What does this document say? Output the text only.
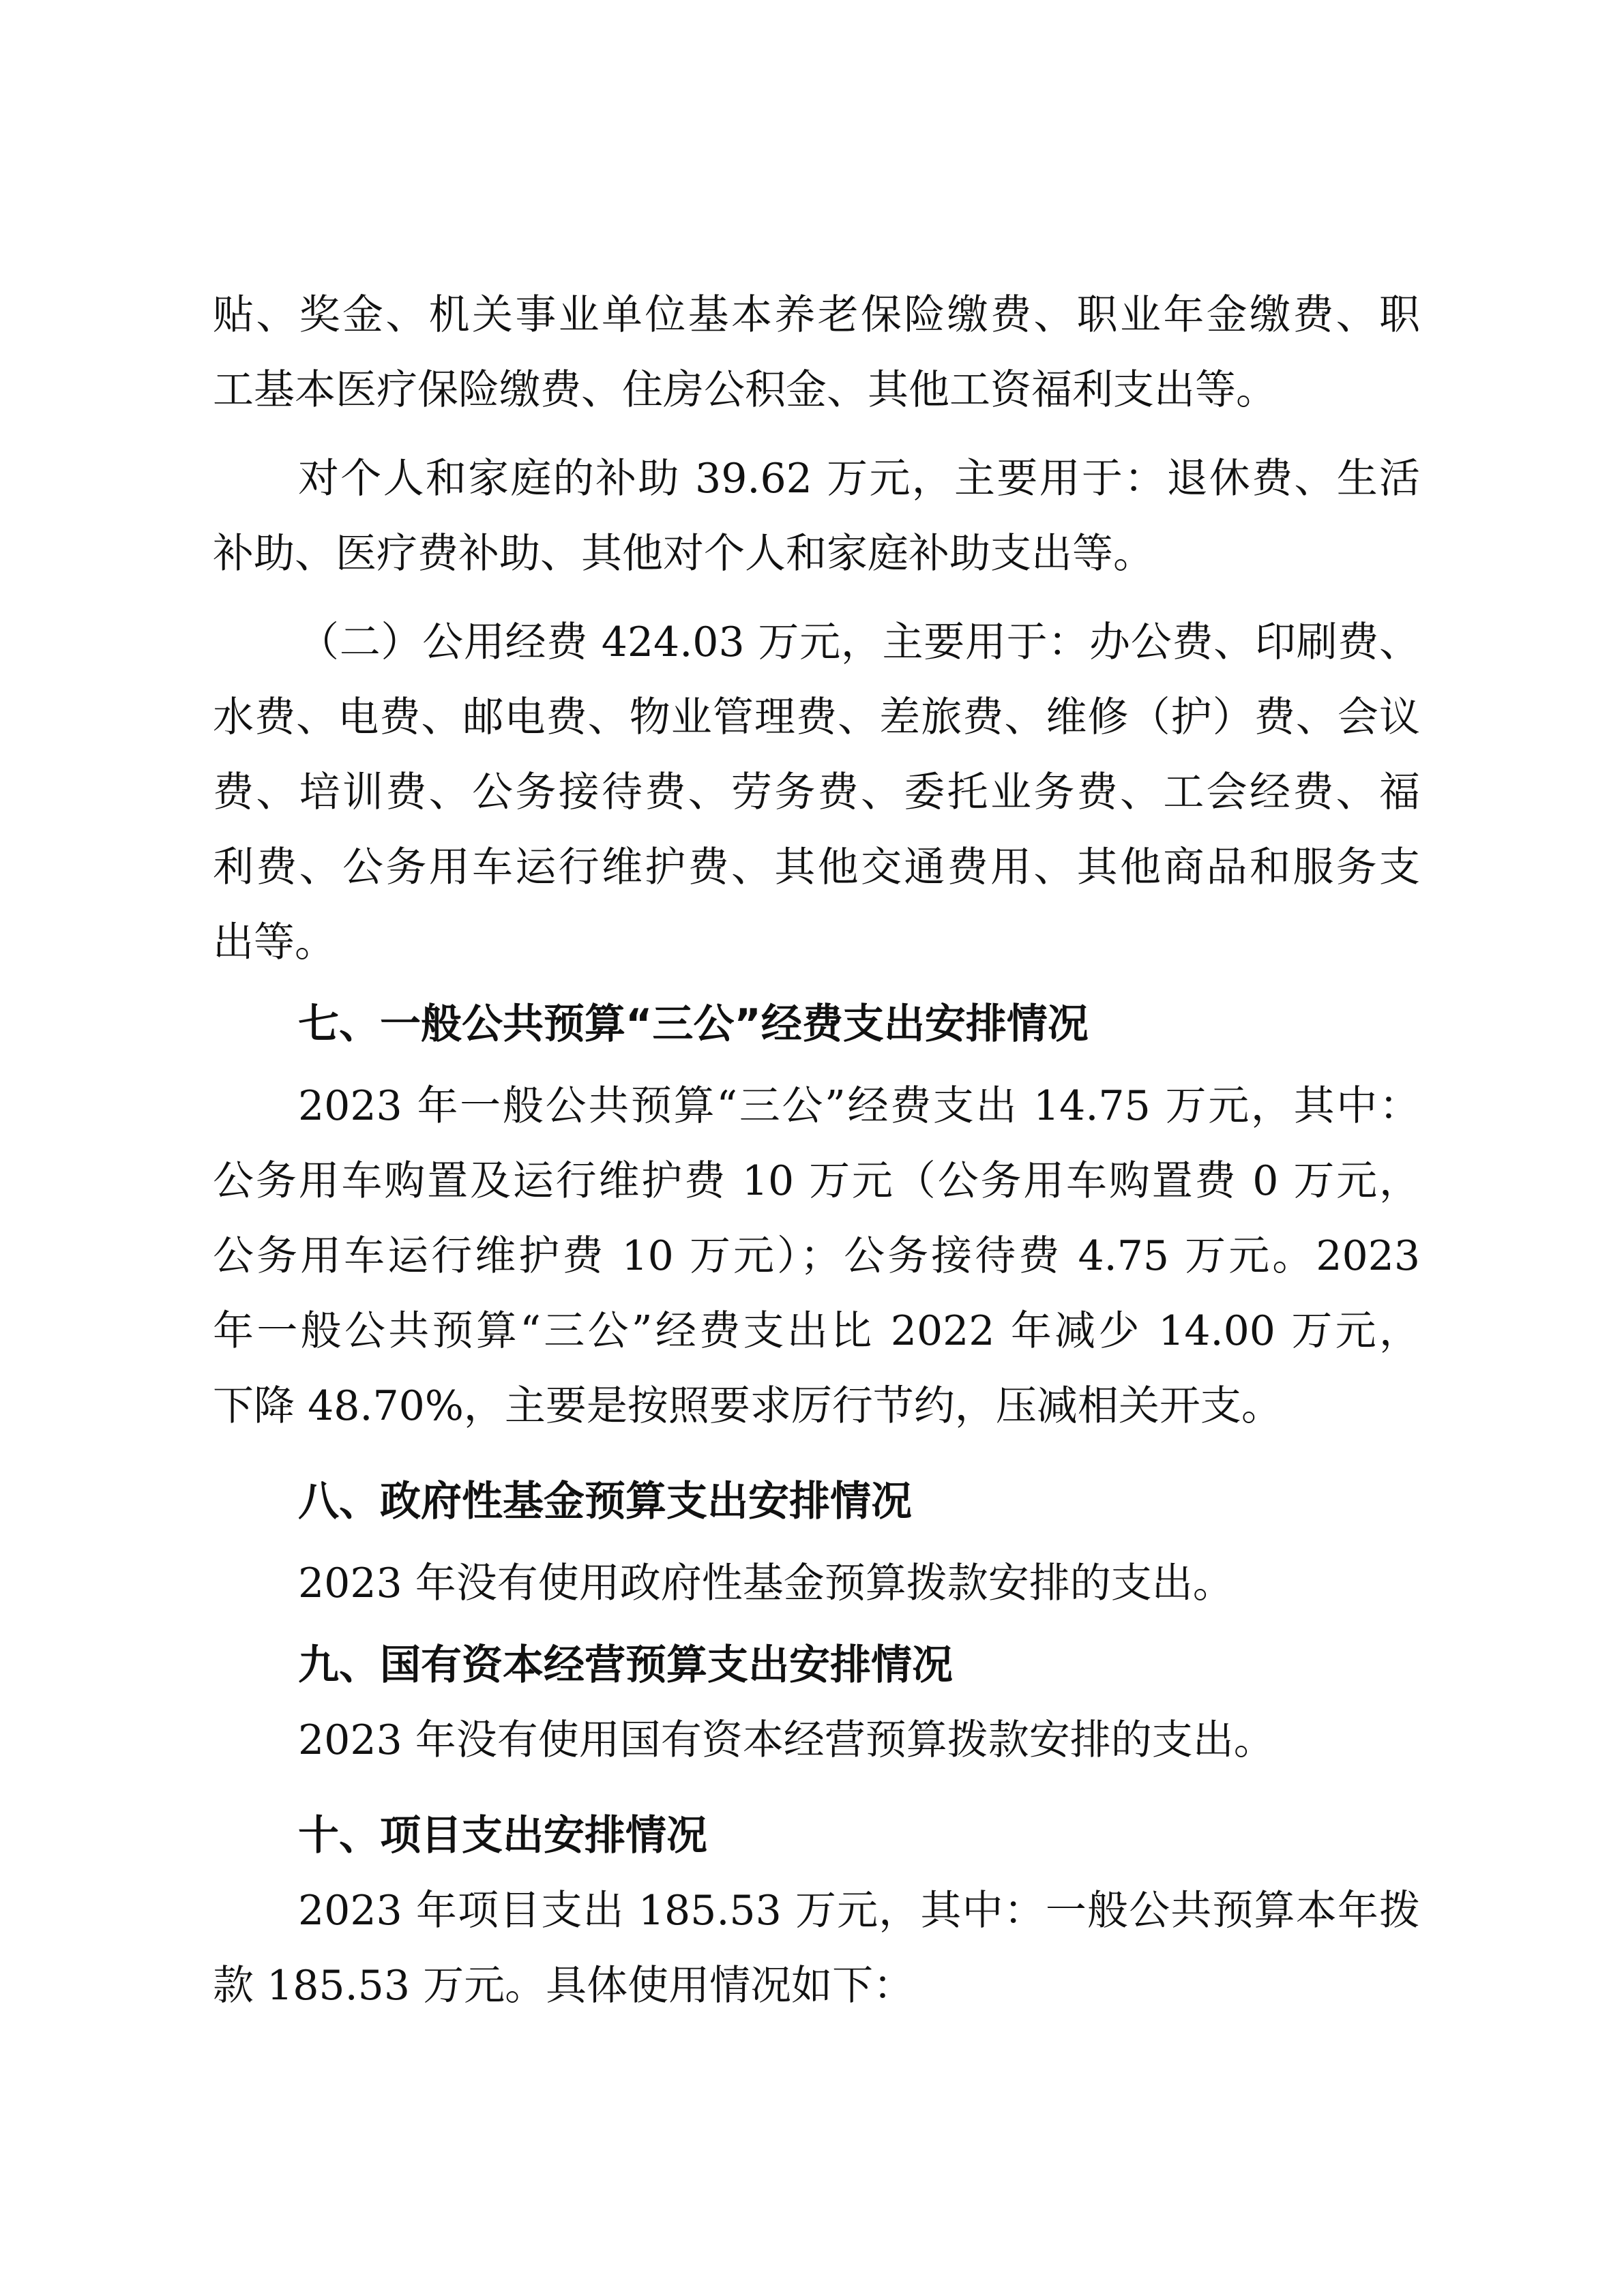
贴、奖金、机关事业单位基本养老保险缴费、职业年金缴费、职
工基本医疗保险缴费、住房公积金、其他工资福利支出等。
对个人和家庭的补助 39.62 万元，主要用于：退休费、生活
补助、医疗费补助、其他对个人和家庭补助支出等。
（二）公用经费 424.03 万元，主要用于：办公费、印刷费、
水费、电费、邮电费、物业管理费、差旅费、维修（护）费、会议
费、培训费、公务接待费、劳务费、委托业务费、工会经费、福
利费、公务用车运行维护费、其他交通费用、其他商品和服务支
出等。
七、一般公共预算“三公”经费支出安排情况
2023 年一般公共预算“三公”经费支出 14.75 万元，其中：
公务用车购置及运行维护费 10 万元（公务用车购置费 0 万元，
公务用车运行维护费 10 万元）；公务接待费 4.75 万元。2023
年一般公共预算“三公”经费支出比 2022 年减少 14.00 万元，
下降 48.70%，主要是按照要求厉行节约，压减相关开支。
八、政府性基金预算支出安排情况
2023 年没有使用政府性基金预算拨款安排的支出。
九、国有资本经营预算支出安排情况
2023 年没有使用国有资本经营预算拨款安排的支出。
十、项目支出安排情况
2023 年项目支出 185.53 万元，其中：一般公共预算本年拨
款 185.53 万元。具体使用情况如下：
